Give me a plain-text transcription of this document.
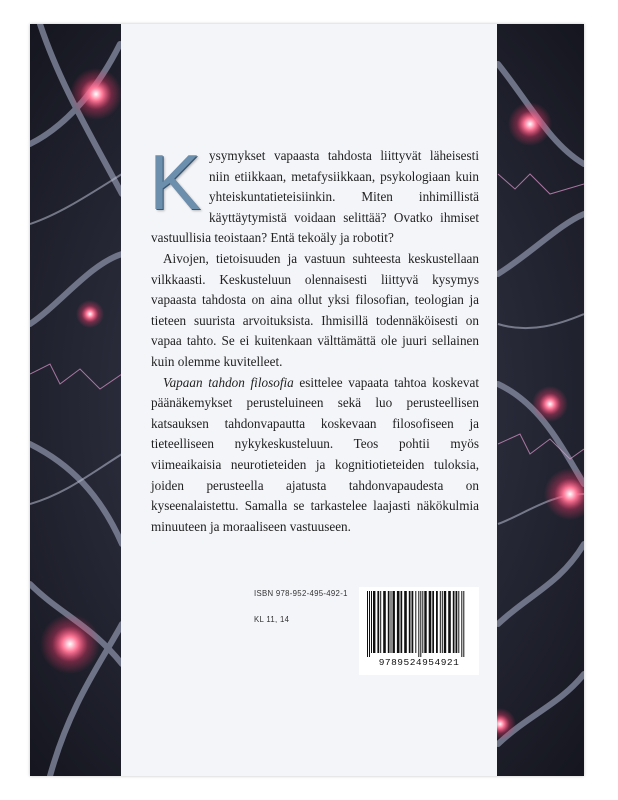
Kysymykset vapaasta tahdosta liittyvät läheisesti niin etiikkaan, metafysiikkaan, psykologiaan kuin yhteiskuntatieteisiinkin. Miten inhimillistä käyttäytymistä voidaan selittää? Ovatko ihmiset vastuullisia teoistaan? Entä tekoäly ja robotit?

Aivojen, tietoisuuden ja vastuun suhteesta keskustellaan vilkkaasti. Keskusteluun olennaisesti liittyvä kysymys vapaasta tahdosta on aina ollut yksi filosofian, teologian ja tieteen suurista arvoituksista. Ihmisillä todennäköisesti on vapaa tahto. Se ei kuitenkaan välttämättä ole juuri sellainen kuin olemme kuvitelleet.

Vapaan tahdon filosofia esittelee vapaata tahtoa koskevat päänäkemykset perusteluineen sekä luo perusteellisen katsauksen tahdonvapautta koskevaan filosofiseen ja tieteelliseen nykykeskusteluun. Teos pohtii myös viimeaikaisia neurotieteiden ja kognitiotieteiden tuloksia, joiden perusteella ajatusta tahdonvapaudesta on kyseenalaistettu. Samalla se tarkastelee laajasti näkökulmia minuuteen ja moraaliseen vastuuseen.

ISBN 978-952-495-492-1
KL 11, 14
9789524954921
